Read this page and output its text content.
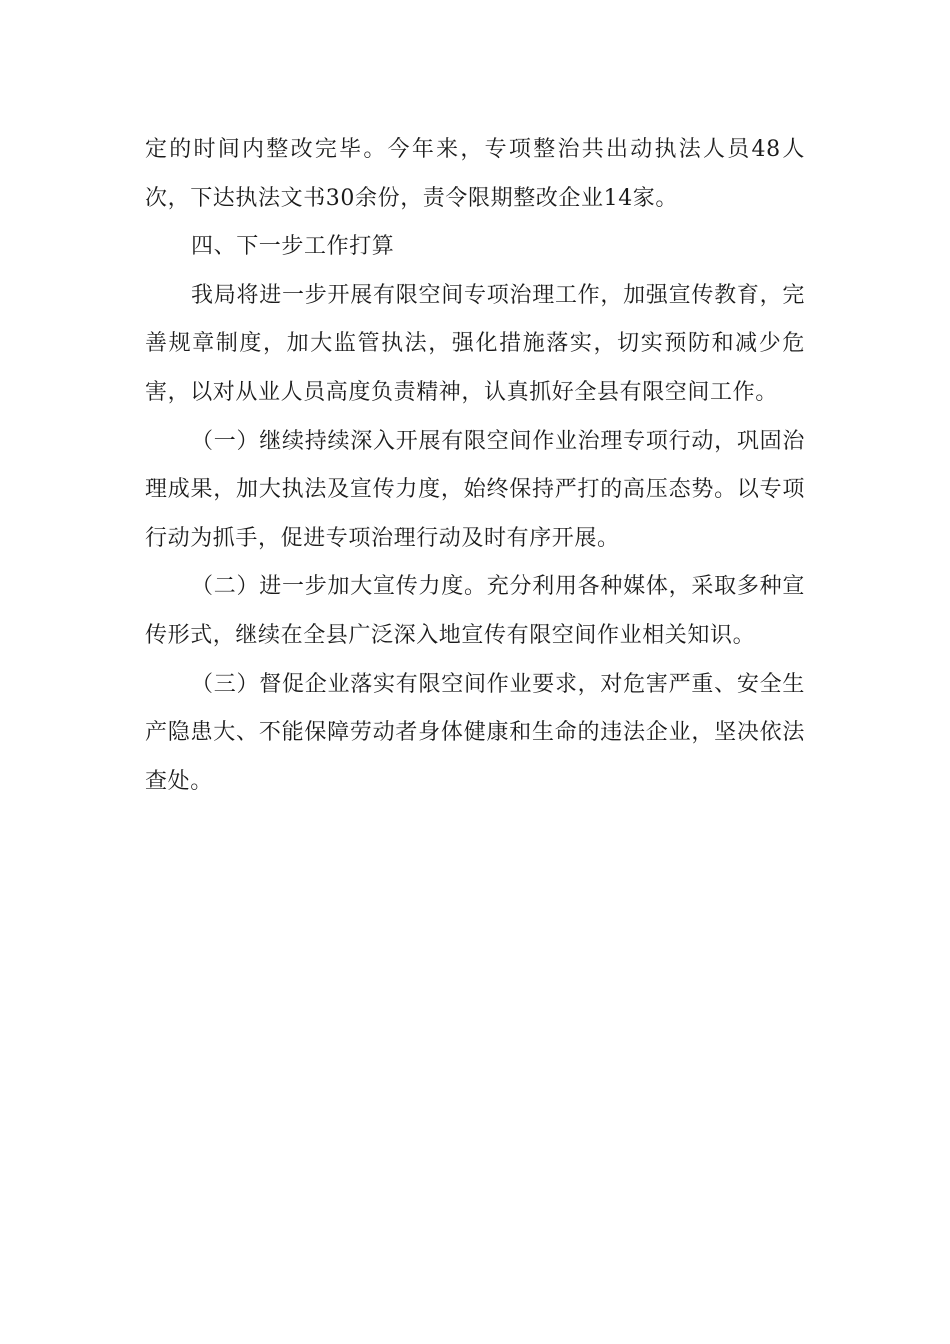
定的时间内整改完毕。今年来，专项整治共出动执法人员48人次，下达执法文书30余份，责令限期整改企业14家。

四、下一步工作打算

我局将进一步开展有限空间专项治理工作，加强宣传教育，完善规章制度，加大监管执法，强化措施落实，切实预防和减少危害，以对从业人员高度负责精神，认真抓好全县有限空间工作。

（一）继续持续深入开展有限空间作业治理专项行动，巩固治理成果，加大执法及宣传力度，始终保持严打的高压态势。以专项行动为抓手，促进专项治理行动及时有序开展。

（二）进一步加大宣传力度。充分利用各种媒体，采取多种宣传形式，继续在全县广泛深入地宣传有限空间作业相关知识。

（三）督促企业落实有限空间作业要求，对危害严重、安全生产隐患大、不能保障劳动者身体健康和生命的违法企业，坚决依法查处。
